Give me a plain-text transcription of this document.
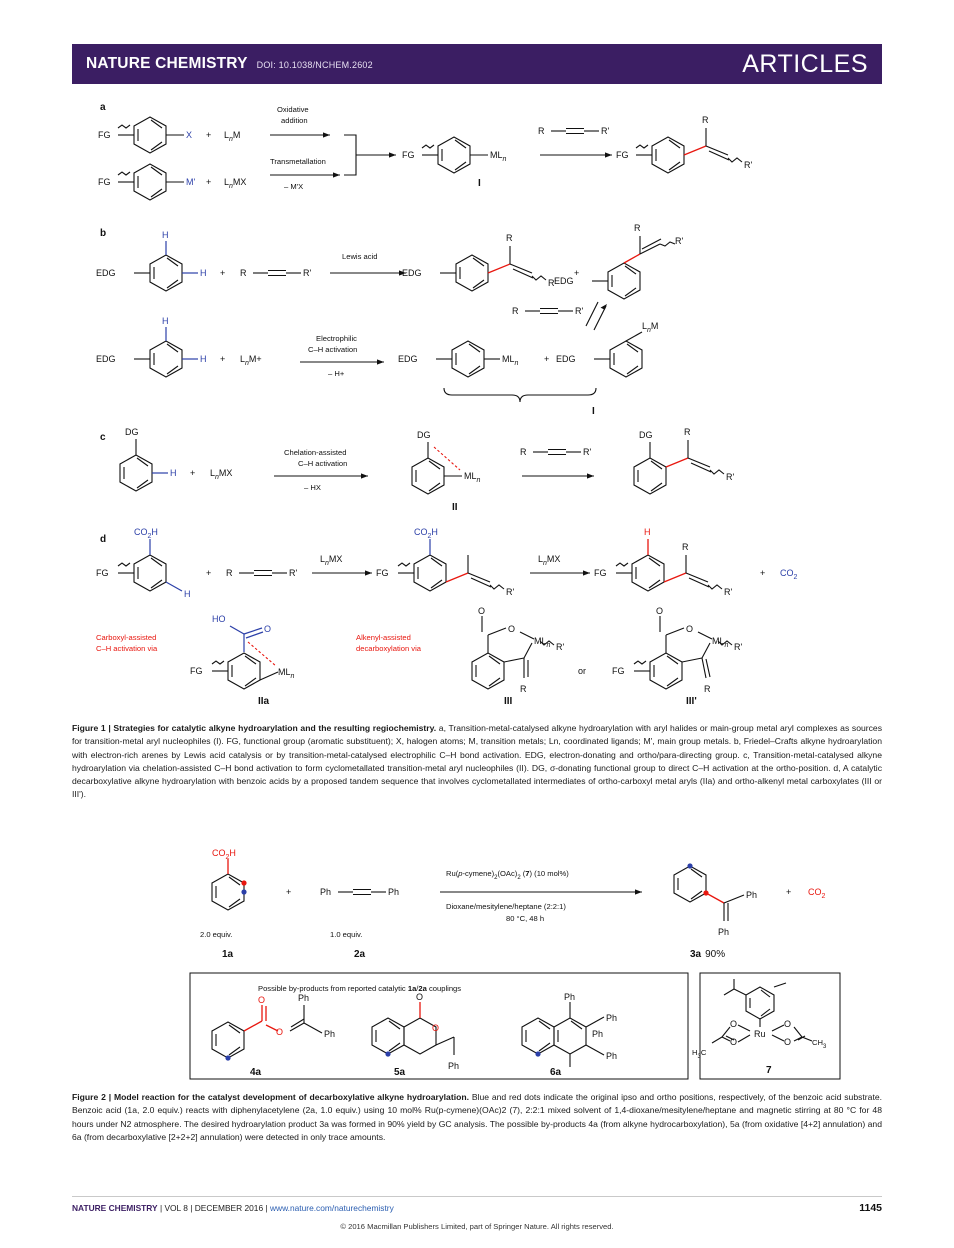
NATURE CHEMISTRY DOI: 10.1038/NCHEM.2602	ARTICLES
a
FG	$X + L_nM$
Oxidative
addition
FG	$M' + L_nMX$
Transmetallation
– M'X
FG	$ML_n$
I
R	R'
FG
R
R'
b
EDG
H
H + R	R'
Lewis acid
EDG
R
R'
+
EDG
R
R'
EDG
H
$H + L_nM+$
Electrophilic
C–H activation
– H+
EDG	$ML_n$	+ EDG
$L_nM$
R	R'
I
c DG
$H + L_nMX$
Chelation-assisted
C–H activation
– HX
DG
$ML_n$
II
R	R'
DG	R
R'
d
FG
$CO_2H$
H
+ R	R'
$L_nMX$
FG
$CO_2H$
R'
$L_nMX$
FG
H
R
R'
+ $CO_2$
Carboxyl-assisted
C–H activation via
HO
O
FG	$ML_n$
IIa
Alkenyl-assisted
decarboxylation via
O
O
$ML_n$
R
R'
III
or
O
O
FG
$ML_n$
R
R'
III'
Figure 1 | Strategies for catalytic alkyne hydroarylation and the resulting regiochemistry. a, Transition-metal-catalysed alkyne hydroarylation with aryl halides or main-group metal aryl complexes as sources for transition-metal aryl nucleophiles (I). FG, functional group (aromatic substituent); X, halogen atoms; M, transition metals; Ln, coordinated ligands; M', main group metals. b, Friedel–Crafts alkyne hydroarylation with electron-rich arenes by Lewis acid catalysis or by transition-metal-catalysed electrophilic C–H bond activation. EDG, electron-donating and ortho/para-directing group. c, Transition-metal-catalysed alkyne hydroarylation via chelation-assisted C–H bond activation to form cyclometallated transition-metal aryl nucleophiles (II). DG, σ-donating functional group to direct C–H activation at the ortho-position. d, A catalytic decarboxylative alkyne hydroarylation with benzoic acids by a proposed tandem sequence that involves cyclometallated intermediates of ortho-carboxyl metal aryls (IIa) and ortho-alkenyl metal carboxylates (III or III').
$CO_2H$
2.0 equiv.
1a
+	Ph	Ph
1.0 equiv.
2a
$Ru(p-cymene)_2(OAc)_2$ (7) (10 mol%)
Dioxane/mesitylene/heptane (2:2:1)
80 °C, 48 h
Ph
Ph
3a 90%
+ $CO_2$
Possible by-products from reported catalytic 1a/2a couplings
O
O
Ph
Ph
4a
O
O
Ph
5a
Ph
Ph
Ph
Ph
6a
Ru
O
O
$H_3C$
O
O	$CH_3$
7
Figure 2 | Model reaction for the catalyst development of decarboxylative alkyne hydroarylation. Blue and red dots indicate the original ipso and ortho positions, respectively, of the benzoic acid substrate. Benzoic acid (1a, 2.0 equiv.) reacts with diphenylacetylene (2a, 1.0 equiv.) using 10 mol% Ru(p-cymene)(OAc)2 (7), 2:2:1 mixed solvent of 1,4-dioxane/mesitylene/heptane and magnetic stirring at 80 °C for 48 hours under N2 atmosphere. The desired hydroarylation product 3a was formed in 90% yield by GC analysis. The possible by-products 4a (from alkyne hydrocarboxylation), 5a (from oxidative [4+2] annulation) and 6a (from decarboxylative [2+2+2] annulation) were detected in only trace amounts.
NATURE CHEMISTRY | VOL 8 | DECEMBER 2016 | www.nature.com/naturechemistry	1145
© 2016 Macmillan Publishers Limited, part of Springer Nature. All rights reserved.
